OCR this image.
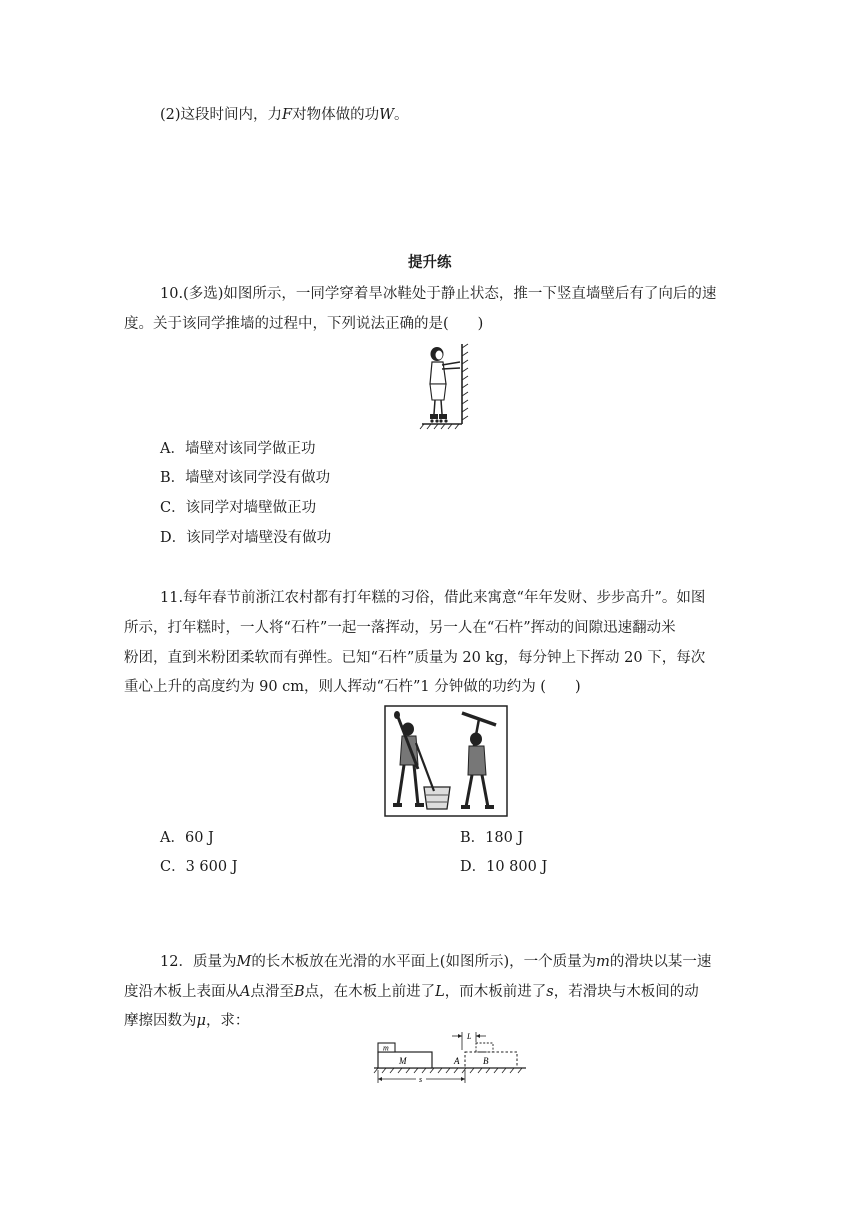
(2)这段时间内，力F对物体做的功W。
提升练
10.(多选)如图所示，一同学穿着旱冰鞋处于静止状态，推一下竖直墙壁后有了向后的速
度。关于该同学推墙的过程中，下列说法正确的是(　　)
A．墙壁对该同学做正功
B．墙壁对该同学没有做功
C．该同学对墙壁做正功
D．该同学对墙壁没有做功
11.每年春节前浙江农村都有打年糕的习俗，借此来寓意“年年发财、步步高升”。如图
所示，打年糕时，一人将“石杵”一起一落挥动，另一人在“石杵”挥动的间隙迅速翻动米
粉团，直到米粉团柔软而有弹性。已知“石杵”质量为 20 kg，每分钟上下挥动 20 下，每次
重心上升的高度约为 90 cm，则人挥动“石杵”1 分钟做的功约为 (　　)
A．60 J	B．180 J
C．3 600 J	D．10 800 J
12．质量为M的长木板放在光滑的水平面上(如图所示)，一个质量为m的滑块以某一速
度沿木板上表面从A点滑至B点，在木板上前进了L，而木板前进了s，若滑块与木板间的动
摩擦因数为μ，求：
M
m
A	B
L
s
